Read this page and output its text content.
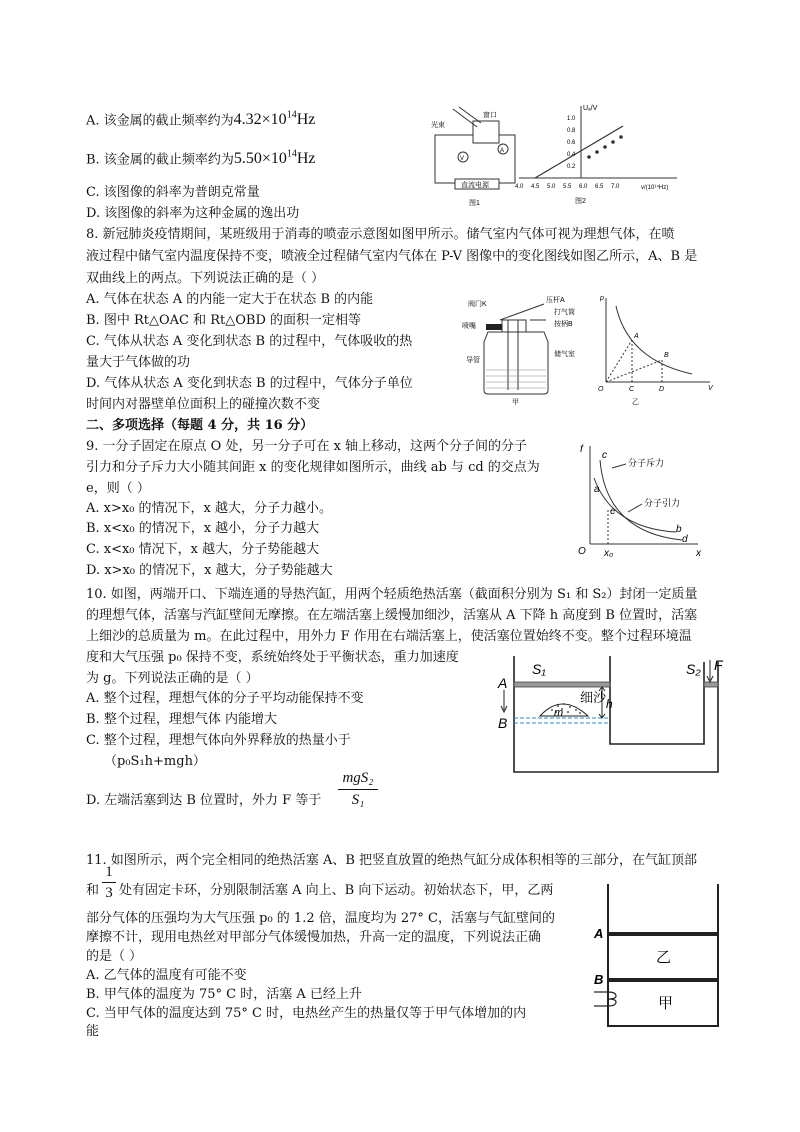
A. 该金属的截止频率约为$4.32\times 10^{14}Hz$
B. 该金属的截止频率约为$5.50\times 10^{14}Hz$
C. 该图像的斜率为普朗克常量
D. 该图像的斜率为这种金属的逸出功
光束
窗口
V
A
直流电源
图1
Uₐ/V
v/(10¹⁴Hz)
图2
4.0 4.5 5.0 5.5 6.0 6.5 7.0
1.0
0.8
0.6
0.4
0.2
8. 新冠肺炎疫情期间，某班级用于消毒的喷壶示意图如图甲所示。储气室内气体可视为理想气体，在喷
液过程中储气室内温度保持不变，喷液全过程储气室内气体在 P-V 图像中的变化图线如图乙所示，A、B 是
双曲线上的两点。下列说法正确的是（ ）
A. 气体在状态 A 的内能一定大于在状态 B 的内能
B. 图中 Rt△OAC 和 Rt△OBD 的面积一定相等
C. 气体从状态 A 变化到状态 B 的过程中，气体吸收的热
量大于气体做的功
D. 气体从状态 A 变化到状态 B 的过程中，气体分子单位
时间内对器壁单位面积上的碰撞次数不变
阀门K
喷嘴
压杆A
打气筒
按柄B
导管
储气室
甲
p
V
O	C	D
A
B
乙
二、多项选择（每题 4 分，共 16 分）
9. 一分子固定在原点 O 处，另一分子可在 x 轴上移动，这两个分子间的分子
引力和分子斥力大小随其间距 x 的变化规律如图所示，曲线 ab 与 cd 的交点为
e，则（ ）
A. x>x₀ 的情况下，x 越大，分子力越小。
B. x<x₀ 的情况下，x 越小，分子力越大
C. x<x₀ 情况下，x 越大，分子势能越大
D. x>x₀ 的情况下，x 越大，分子势能越大
f
x
O x₀
a
b
c
d
e
分子斥力
分子引力
10. 如图，两端开口、下端连通的导热汽缸，用两个轻质绝热活塞（截面积分别为 S₁ 和 S₂）封闭一定质量
的理想气体，活塞与汽缸壁间无摩擦。在左端活塞上缓慢加细沙，活塞从 A 下降 h 高度到 B 位置时，活塞
上细沙的总质量为 m。在此过程中，用外力 F 作用在右端活塞上，使活塞位置始终不变。整个过程环境温
度和大气压强 p₀ 保持不变，系统始终处于平衡状态，重力加速度
为 g。下列说法正确的是（ ）
A. 整个过程，理想气体的分子平均动能保持不变
B. 整个过程，理想气体 内能增大
C. 整个过程，理想气体向外界释放的热量小于
（p₀S₁h+mgh）
D. 左端活塞到达 B 位置时，外力 F 等于
mgS₂
S₁
S₁	S₂ F
A
B
h
m
细沙
11. 如图所示，两个完全相同的绝热活塞 A、B 把竖直放置的绝热气缸分成体积相等的三部分，在气缸顶部
和
1
3 处有固定卡环，分别限制活塞 A 向上、B 向下运动。初始状态下，甲，乙两
部分气体的压强均为大气压强 p₀ 的 1.2 倍，温度均为 27° C，活塞与气缸壁间的
摩擦不计，现用电热丝对甲部分气体缓慢加热，升高一定的温度，下列说法正确
的是（ ）
A. 乙气体的温度有可能不变
B. 甲气体的温度为 75° C 时，活塞 A 已经上升
C. 当甲气体的温度达到 75° C 时，电热丝产生的热量仅等于甲气体增加的内
能
A
B
乙
甲
